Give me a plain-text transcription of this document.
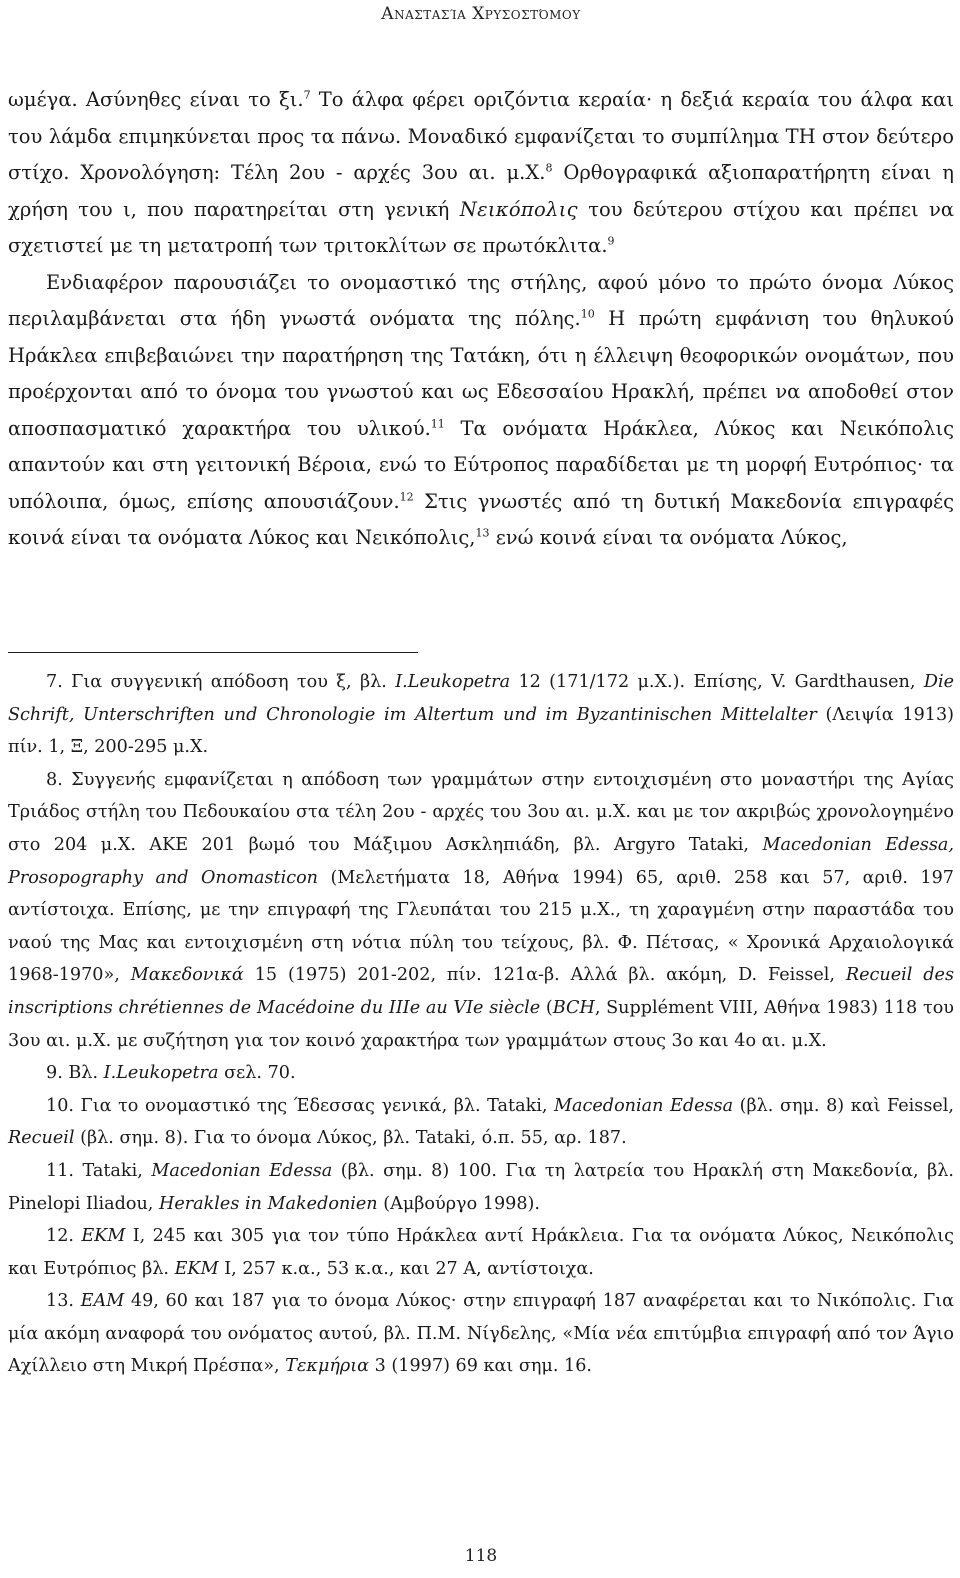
Αναστασία Χρυσοστόμου

ωμέγα. Ασύνηθες είναι το ξι.$^7$ Το άλφα φέρει οριζόντια κεραία· η δεξιά κεραία του άλφα και του λάμδα επιμηκύνεται προς τα πάνω. Μοναδικό εμφανίζεται το συμπίλημα ΤΗ στον δεύτερο στίχο. Χρονολόγηση: Τέλη 2ου - αρχές 3ου αι. μ.Χ.$^8$ Ορθογραφικά αξιοπαρατήρητη είναι η χρήση του ι, που παρατηρείται στη γενική Νεικόπολις του δεύτερου στίχου και πρέπει να σχετιστεί με τη μετατροπή των τριτοκλίτων σε πρωτόκλιτα.$^9$

Ενδιαφέρον παρουσιάζει το ονομαστικό της στήλης, αφού μόνο το πρώτο όνομα Λύκος περιλαμβάνεται στα ήδη γνωστά ονόματα της πόλης.$^{10}$ Η πρώτη εμφάνιση του θηλυκού Ηράκλεα επιβεβαιώνει την παρατήρηση της Τατάκη, ότι η έλλειψη θεοφορικών ονομάτων, που προέρχονται από το όνομα του γνωστού και ως Εδεσσαίου Ηρακλή, πρέπει να αποδοθεί στον αποσπασματικό χαρακτήρα του υλικού.$^{11}$ Τα ονόματα Ηράκλεα, Λύκος και Νεικόπολις απαντούν και στη γειτονική Βέροια, ενώ το Εύτροπος παραδίδεται με τη μορφή Ευτρόπιος· τα υπόλοιπα, όμως, επίσης απουσιάζουν.$^{12}$ Στις γνωστές από τη δυτική Μακεδονία επιγραφές κοινά είναι τα ονόματα Λύκος και Νεικόπολις,$^{13}$ ενώ κοινά είναι τα ονόματα Λύκος,

7. Για συγγενική απόδοση του ξ, βλ. I.Leukopetra 12 (171/172 μ.Χ.). Επίσης, V. Gardthausen, Die Schrift, Unterschriften und Chronologie im Altertum und im Byzantinischen Mittelalter (Λειψία 1913) πίν. 1, Ξ, 200-295 μ.Χ.

8. Συγγενής εμφανίζεται η απόδοση των γραμμάτων στην εντοιχισμένη στο μοναστήρι της Αγίας Τριάδος στήλη του Πεδουκαίου στα τέλη 2ου - αρχές του 3ου αι. μ.Χ. και με τον ακριβώς χρονολογημένο στο 204 μ.Χ. ΑΚΕ 201 βωμό του Μάξιμου Ασκληπιάδη, βλ. Argyro Tataki, Macedonian Edessa, Prosopography and Onomasticon (Μελετήματα 18, Αθήνα 1994) 65, αριθ. 258 και 57, αριθ. 197 αντίστοιχα. Επίσης, με την επιγραφή της Γλευπάται του 215 μ.Χ., τη χαραγμένη στην παραστάδα του ναού της Μας και εντοιχισμένη στη νότια πύλη του τείχους, βλ. Φ. Πέτσας, « Χρονικά Αρχαιολογικά 1968-1970», Μακεδονικά 15 (1975) 201-202, πίν. 121α-β. Αλλά βλ. ακόμη, D. Feissel, Recueil des inscriptions chrétiennes de Macédoine du IIIe au VIe siècle (BCH, Supplément VIII, Αθήνα 1983) 118 του 3ου αι. μ.Χ. με συζήτηση για τον κοινό χαρακτήρα των γραμμάτων στους 3ο και 4ο αι. μ.Χ.

9. Βλ. I.Leukopetra σελ. 70.

10. Για το ονομαστικό της Έδεσσας γενικά, βλ. Tataki, Macedonian Edessa (βλ. σημ. 8) καὶ Feissel, Recueil (βλ. σημ. 8). Για το όνομα Λύκος, βλ. Tataki, ό.π. 55, αρ. 187.

11. Tataki, Macedonian Edessa (βλ. σημ. 8) 100. Για τη λατρεία του Ηρακλή στη Μακεδονία, βλ. Pinelopi Iliadou, Herakles in Makedonien (Αμβούργο 1998).

12. ΕΚΜ Ι, 245 και 305 για τον τύπο Ηράκλεα αντί Ηράκλεια. Για τα ονόματα Λύκος, Νεικόπολις και Ευτρόπιος βλ. ΕΚΜ Ι, 257 κ.α., 53 κ.α., και 27 Α, αντίστοιχα.

13. ΕΑΜ 49, 60 και 187 για το όνομα Λύκος· στην επιγραφή 187 αναφέρεται και το Νικόπολις. Για μία ακόμη αναφορά του ονόματος αυτού, βλ. Π.Μ. Νίγδελης, «Μία νέα επιτύμβια επιγραφή από τον Άγιο Αχίλλειο στη Μικρή Πρέσπα», Τεκμήρια 3 (1997) 69 και σημ. 16.

118
